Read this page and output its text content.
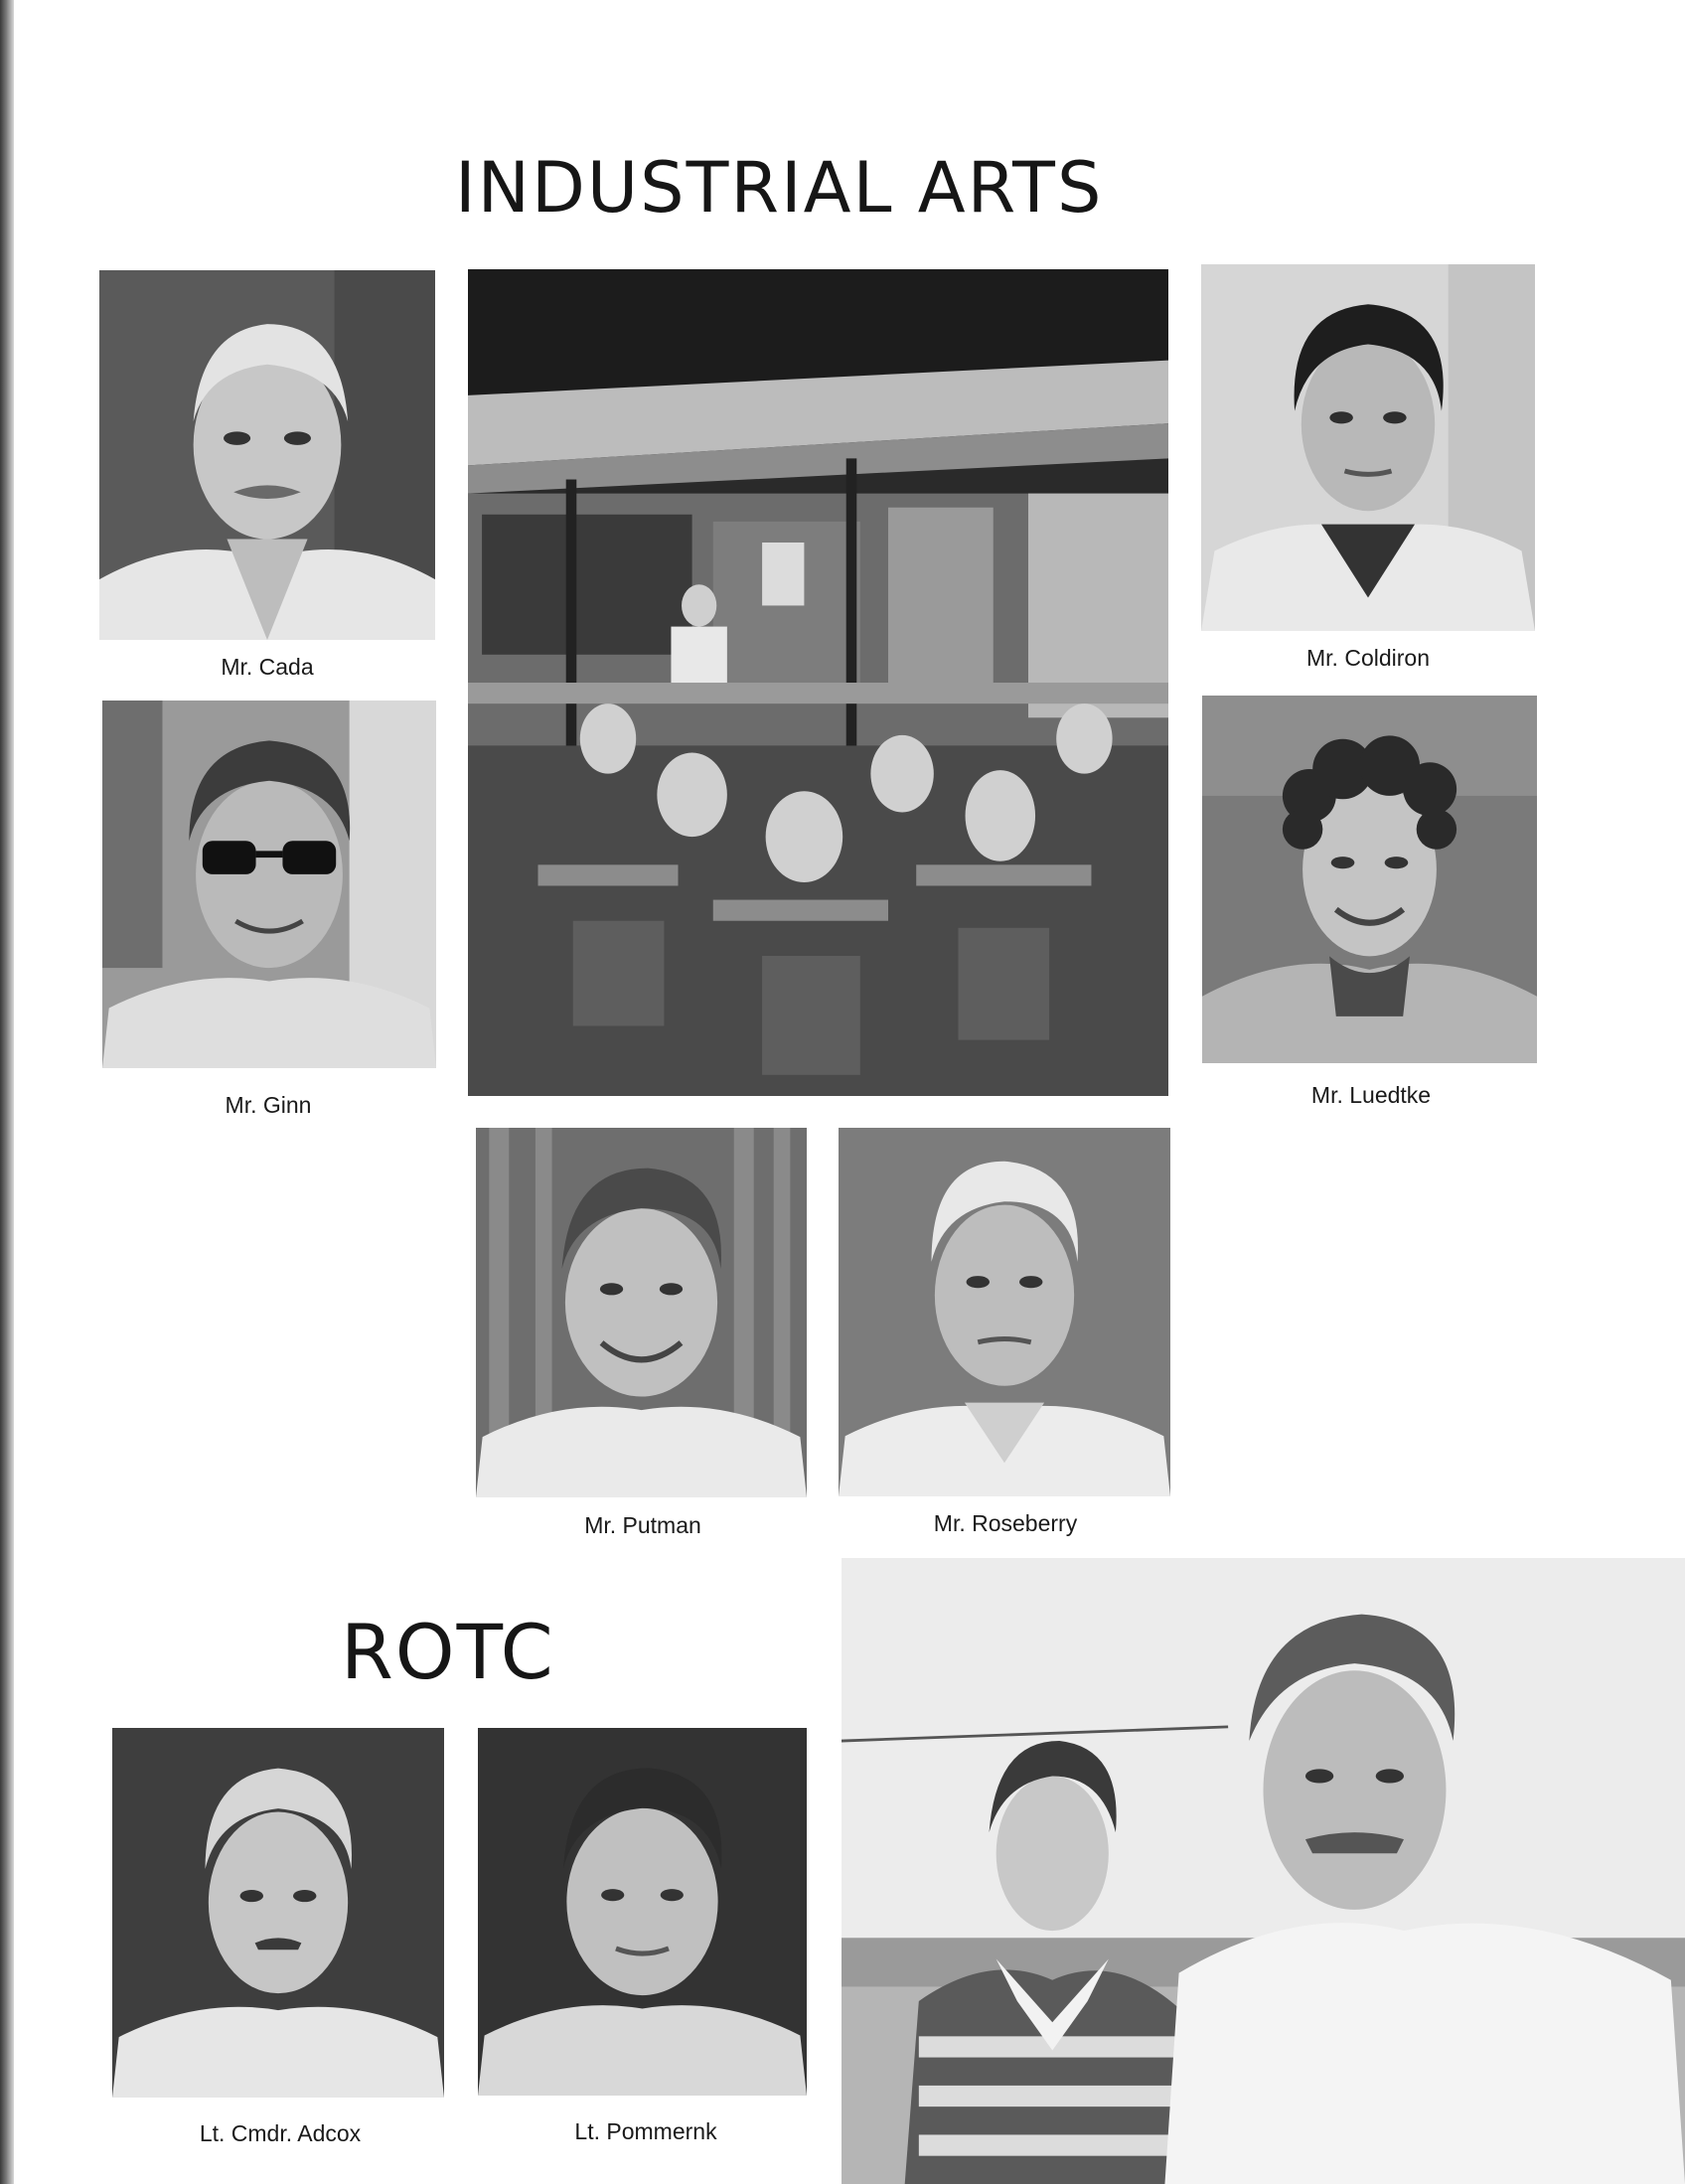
INDUSTRIAL ARTS
Mr. Cada	Mr. Coldiron
Mr. Ginn	Mr. Luedtke
Mr. Putman	Mr. Roseberry
ROTC
Lt. Cmdr. Adcox	Lt. Pommernk
